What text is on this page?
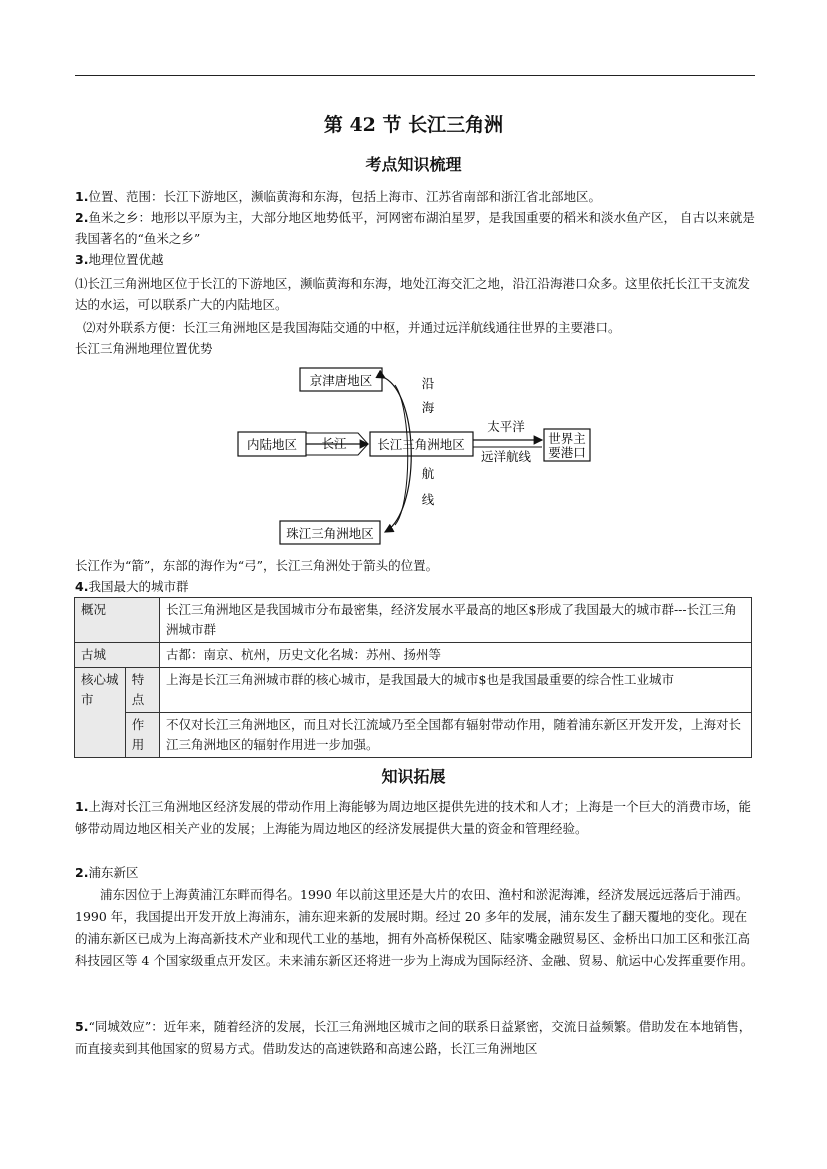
第 42 节 长江三角洲
考点知识梳理
1.位置、范围：长江下游地区，濒临黄海和东海，包括上海市、江苏省南部和浙江省北部地区。
2.鱼米之乡：地形以平原为主，大部分地区地势低平，河网密布湖泊星罗，是我国重要的稻米和淡水鱼产区， 自古以来就是我国著名的“鱼米之乡”
3.地理位置优越
⑴长江三角洲地区位于长江的下游地区，濒临黄海和东海，地处江海交汇之地，沿江沿海港口众多。这里依托长江干支流发达的水运，可以联系广大的内陆地区。
⑵对外联系方便：长江三角洲地区是我国海陆交通的中枢，并通过远洋航线通往世界的主要港口。
长江三角洲地理位置优势
京津唐地区
内陆地区 长江 长江三角洲地区
太平洋
远洋航线
世界主
要港口
珠江三角洲地区
沿
海
航
线
长江作为“箭”，东部的海作为“弓”，长江三角洲处于箭头的位置。
4.我国最大的城市群
概况		长江三角洲地区是我国城市分布最密集，经济发展水平最高的地区$形成了我国最大的城市群---长江三角洲城市群
古城		古都：南京、杭州，历史文化名城：苏州、扬州等
核心城市	特点	上海是长江三角洲城市群的核心城市，是我国最大的城市$也是我国最重要的综合性工业城市
	作用	不仅对长江三角洲地区，而且对长江流域乃至全国都有辐射带动作用，随着浦东新区开发开发，上海对长江三角洲地区的辐射作用进一步加强。
知识拓展
1.上海对长江三角洲地区经济发展的带动作用上海能够为周边地区提供先进的技术和人才；上海是一个巨大的消费市场，能够带动周边地区相关产业的发展；上海能为周边地区的经济发展提供大量的资金和管理经验。
2.浦东新区
浦东因位于上海黄浦江东畔而得名。1990 年以前这里还是大片的农田、渔村和淤泥海滩，经济发展远远落后于浦西。1990 年，我国提出开发开放上海浦东，浦东迎来新的发展时期。经过 20 多年的发展，浦东发生了翻天覆地的变化。现在的浦东新区已成为上海高新技术产业和现代工业的基地，拥有外高桥保税区、陆家嘴金融贸易区、金桥出口加工区和张江高科技园区等 4 个国家级重点开发区。未来浦东新区还将进一步为上海成为国际经济、金融、贸易、航运中心发挥重要作用。
5.“同城效应”：近年来，随着经济的发展，长江三角洲地区城市之间的联系日益紧密，交流日益频繁。借助发在本地销售，而直接卖到其他国家的贸易方式。借助发达的高速铁路和高速公路，长江三角洲地区
